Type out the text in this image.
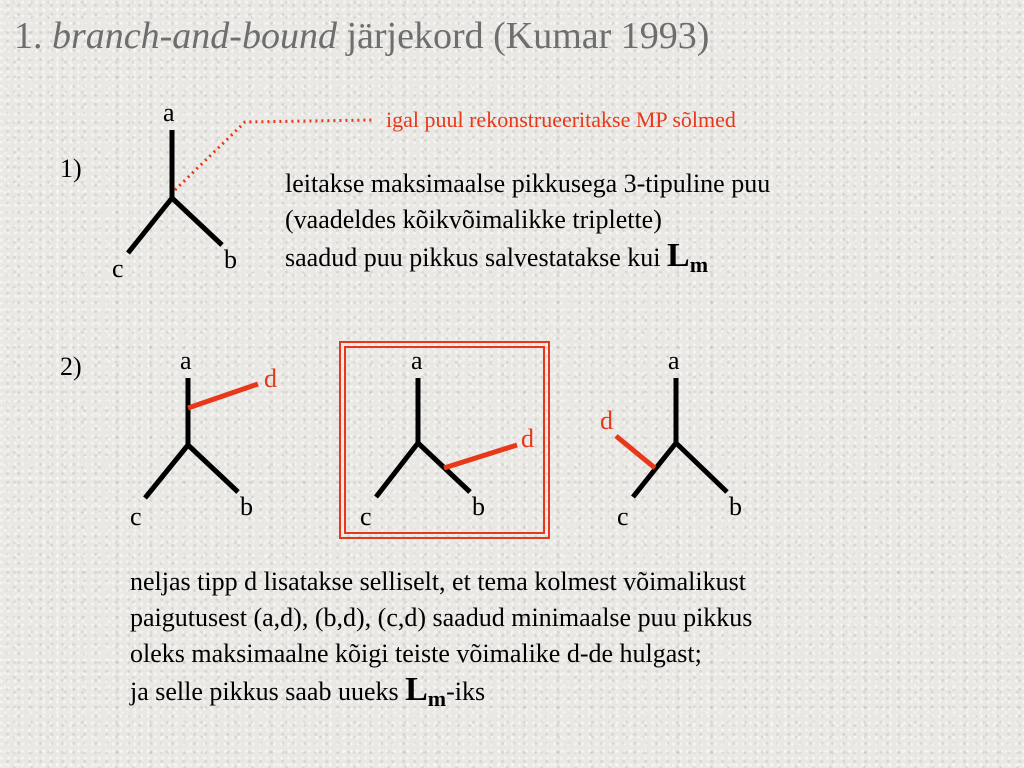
1. branch-and-bound järjekord (Kumar 1993)
1)
igal puul rekonstrueeritakse MP sõlmed
a
c	b
leitakse maksimaalse pikkusega 3-tipuline puu
(vaadeldes kõikvõimalikke triplette)
saadud puu pikkus salvestatakse kui $L_m$
2)	a
d
c	b
a
d
c	b
a
d
c	b
neljas tipp d lisatakse selliselt, et tema kolmest võimalikust
paigutusest (a,d), (b,d), (c,d) saadud minimaalse puu pikkus
oleks maksimaalne kõigi teiste võimalike d-de hulgast;
ja selle pikkus saab uueks $L_m$-iks
